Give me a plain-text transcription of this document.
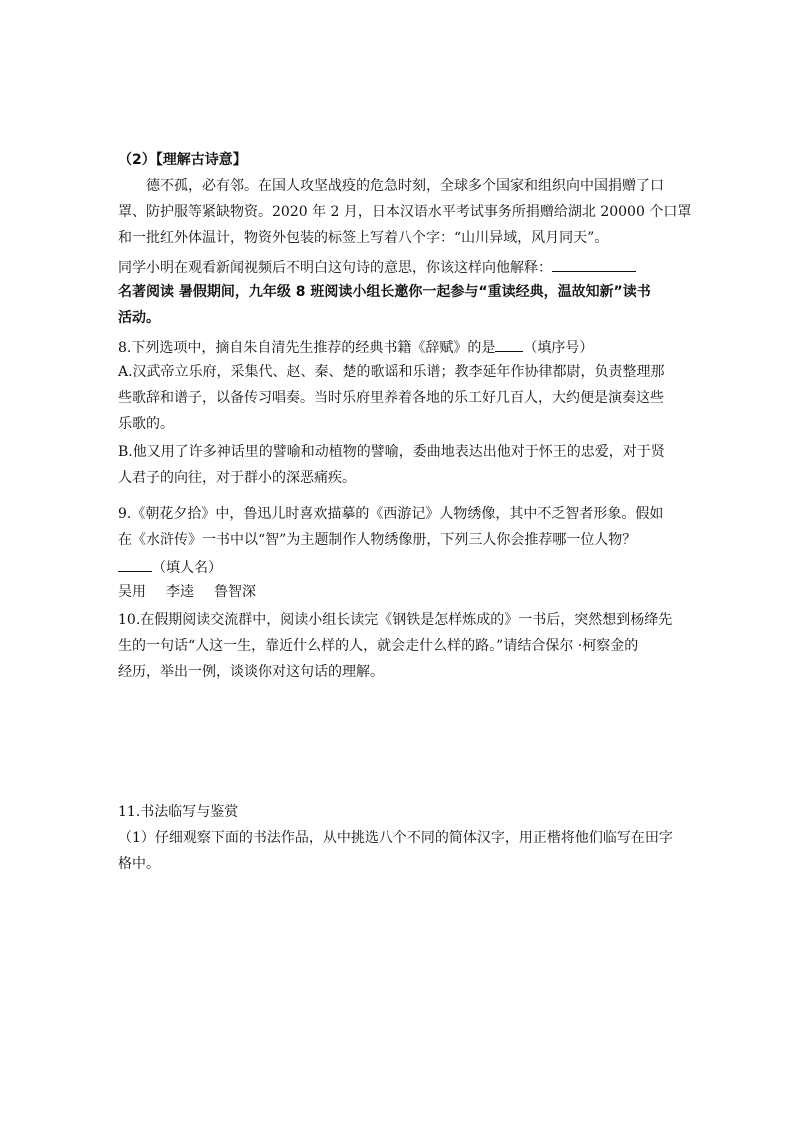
（2）【理解古诗意】
德不孤，必有邻。在国人攻坚战疫的危急时刻，全球多个国家和组织向中国捐赠了口
罩、防护服等紧缺物资。2020 年 2 月，日本汉语水平考试事务所捐赠给湖北 20000 个口罩
和一批红外体温计，物资外包装的标签上写着八个字：“山川异域，风月同天”。
同学小明在观看新闻视频后不明白这句诗的意思，你该这样向他解释：
名著阅读 暑假期间，九年级 8 班阅读小组长邀你一起参与“重读经典，温故知新”读书
活动。
8.下列选项中，摘自朱自清先生推荐的经典书籍《辞赋》的是 （填序号）
A.汉武帝立乐府，采集代、赵、秦、楚的歌谣和乐谱；教李延年作协律都尉，负责整理那
些歌辞和谱子，以备传习唱奏。当时乐府里养着各地的乐工好几百人，大约便是演奏这些
乐歌的。
B.他又用了许多神话里的譬喻和动植物的譬喻，委曲地表达出他对于怀王的忠爱，对于贤
人君子的向往，对于群小的深恶痛疾。
9.《朝花夕拾》中，鲁迅儿时喜欢描摹的《西游记》人物绣像，其中不乏智者形象。假如
在《水浒传》一书中以“智”为主题制作人物绣像册，下列三人你会推荐哪一位人物？
（填人名）
吴用 李逵 鲁智深
10.在假期阅读交流群中，阅读小组长读完《钢铁是怎样炼成的》一书后，突然想到杨绛先
生的一句话“人这一生，靠近什么样的人，就会走什么样的路。”请结合保尔 ·柯察金的
经历，举出一例，谈谈你对这句话的理解。
11.书法临写与鉴赏
（1）仔细观察下面的书法作品，从中挑选八个不同的简体汉字，用正楷将他们临写在田字
格中。
